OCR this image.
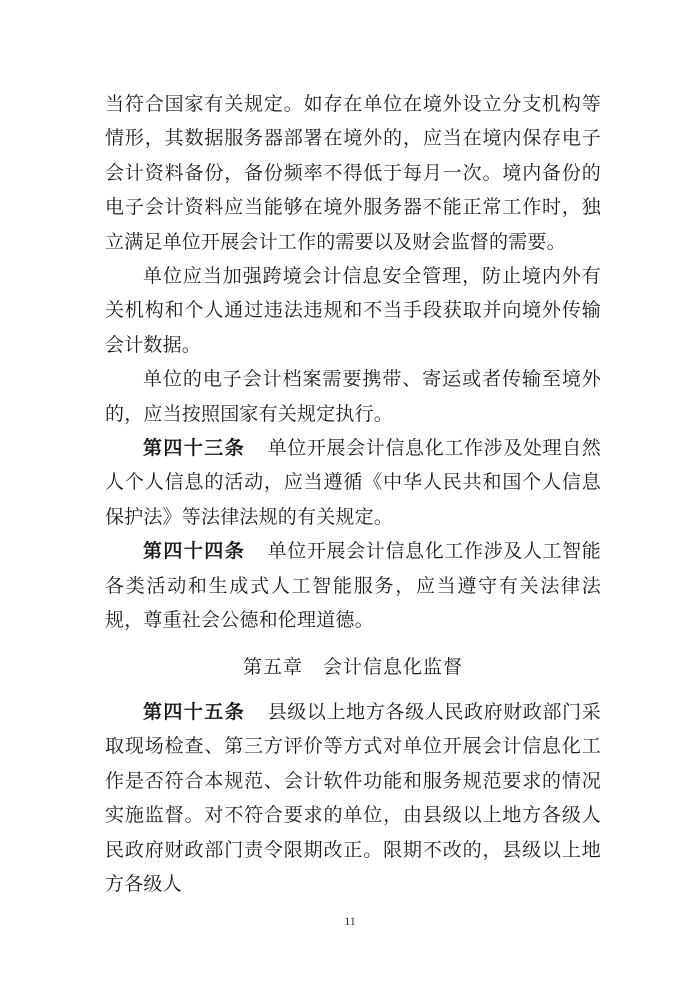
当符合国家有关规定。如存在单位在境外设立分支机构等情形，其数据服务器部署在境外的，应当在境内保存电子会计资料备份，备份频率不得低于每月一次。境内备份的电子会计资料应当能够在境外服务器不能正常工作时，独立满足单位开展会计工作的需要以及财会监督的需要。

单位应当加强跨境会计信息安全管理，防止境内外有关机构和个人通过违法违规和不当手段获取并向境外传输会计数据。

单位的电子会计档案需要携带、寄运或者传输至境外的，应当按照国家有关规定执行。

第四十三条 单位开展会计信息化工作涉及处理自然人个人信息的活动，应当遵循《中华人民共和国个人信息保护法》等法律法规的有关规定。

第四十四条 单位开展会计信息化工作涉及人工智能各类活动和生成式人工智能服务，应当遵守有关法律法规，尊重社会公德和伦理道德。

第五章 会计信息化监督

第四十五条 县级以上地方各级人民政府财政部门采取现场检查、第三方评价等方式对单位开展会计信息化工作是否符合本规范、会计软件功能和服务规范要求的情况实施监督。对不符合要求的单位，由县级以上地方各级人民政府财政部门责令限期改正。限期不改的，县级以上地方各级人

11
